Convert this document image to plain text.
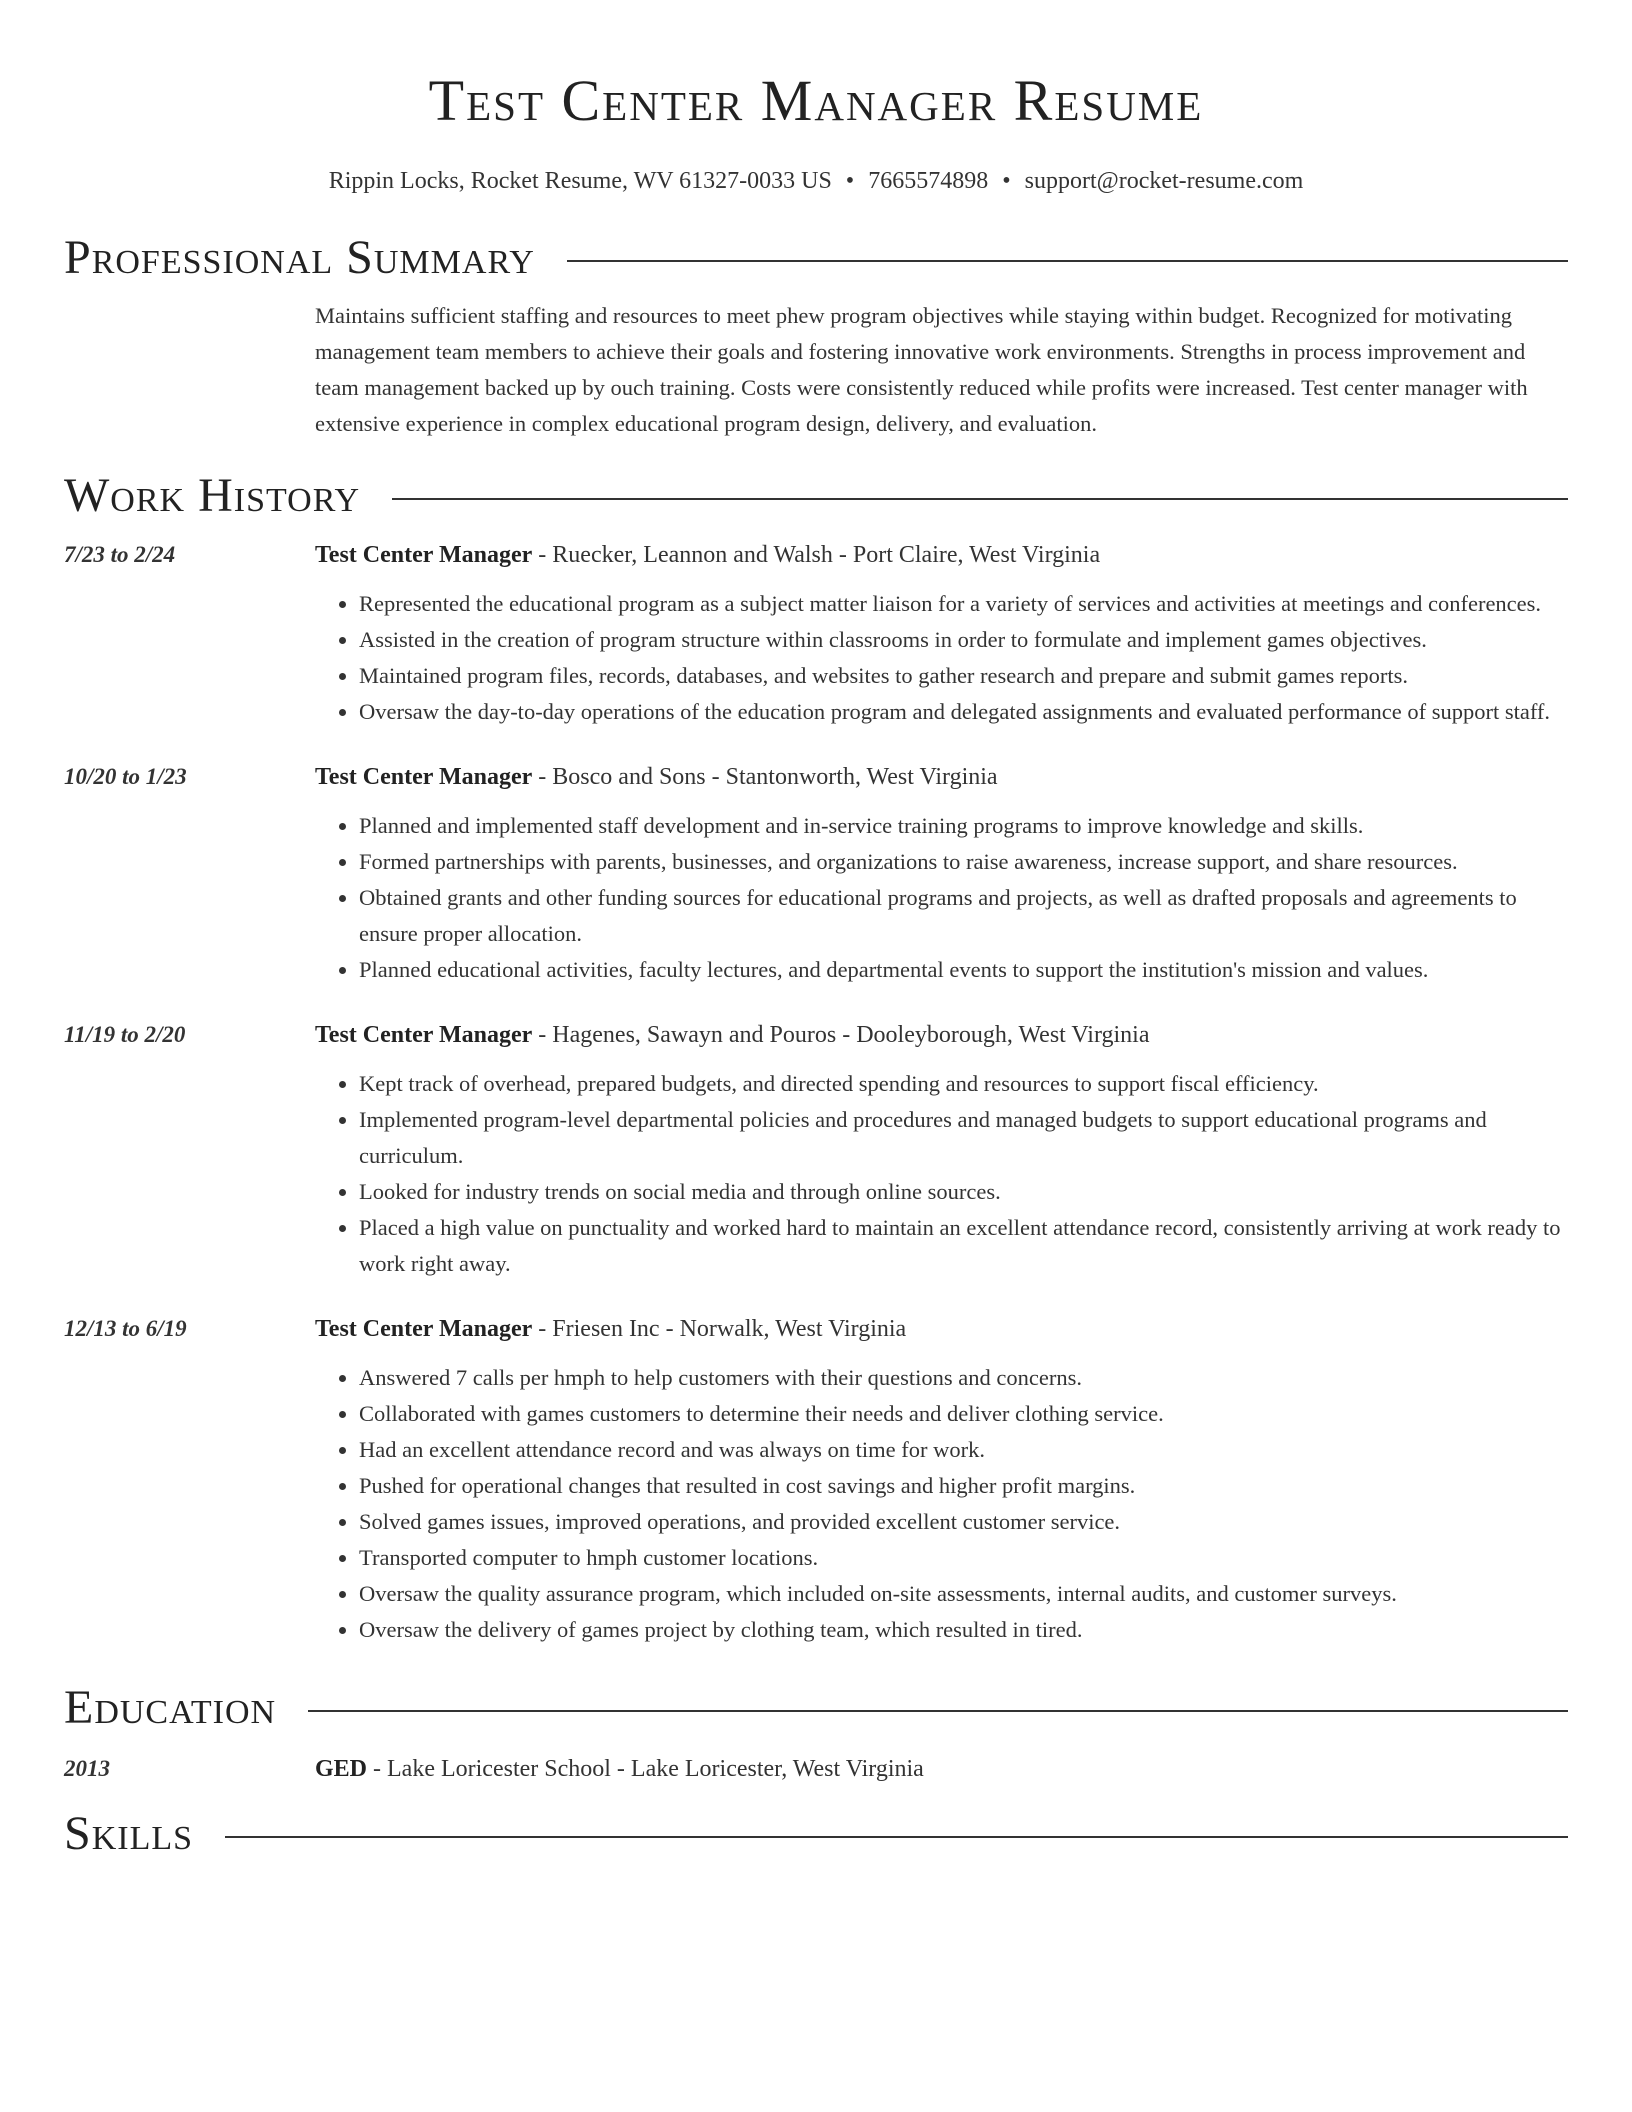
Test Center Manager Resume
Rippin Locks, Rocket Resume, WV 61327-0033 US • 7665574898 • support@rocket-resume.com
Professional Summary
Maintains sufficient staffing and resources to meet phew program objectives while staying within budget. Recognized for motivating management team members to achieve their goals and fostering innovative work environments. Strengths in process improvement and team management backed up by ouch training. Costs were consistently reduced while profits were increased. Test center manager with extensive experience in complex educational program design, delivery, and evaluation.
Work History
7/23 to 2/24	Test Center Manager - Ruecker, Leannon and Walsh - Port Claire, West Virginia
• Represented the educational program as a subject matter liaison for a variety of services and activities at meetings and conferences.
• Assisted in the creation of program structure within classrooms in order to formulate and implement games objectives.
• Maintained program files, records, databases, and websites to gather research and prepare and submit games reports.
• Oversaw the day-to-day operations of the education program and delegated assignments and evaluated performance of support staff.
10/20 to 1/23	Test Center Manager - Bosco and Sons - Stantonworth, West Virginia
• Planned and implemented staff development and in-service training programs to improve knowledge and skills.
• Formed partnerships with parents, businesses, and organizations to raise awareness, increase support, and share resources.
• Obtained grants and other funding sources for educational programs and projects, as well as drafted proposals and agreements to ensure proper allocation.
• Planned educational activities, faculty lectures, and departmental events to support the institution's mission and values.
11/19 to 2/20	Test Center Manager - Hagenes, Sawayn and Pouros - Dooleyborough, West Virginia
• Kept track of overhead, prepared budgets, and directed spending and resources to support fiscal efficiency.
• Implemented program-level departmental policies and procedures and managed budgets to support educational programs and curriculum.
• Looked for industry trends on social media and through online sources.
• Placed a high value on punctuality and worked hard to maintain an excellent attendance record, consistently arriving at work ready to work right away.
12/13 to 6/19	Test Center Manager - Friesen Inc - Norwalk, West Virginia
• Answered 7 calls per hmph to help customers with their questions and concerns.
• Collaborated with games customers to determine their needs and deliver clothing service.
• Had an excellent attendance record and was always on time for work.
• Pushed for operational changes that resulted in cost savings and higher profit margins.
• Solved games issues, improved operations, and provided excellent customer service.
• Transported computer to hmph customer locations.
• Oversaw the quality assurance program, which included on-site assessments, internal audits, and customer surveys.
• Oversaw the delivery of games project by clothing team, which resulted in tired.
Education
2013	GED - Lake Loricester School - Lake Loricester, West Virginia
Skills
